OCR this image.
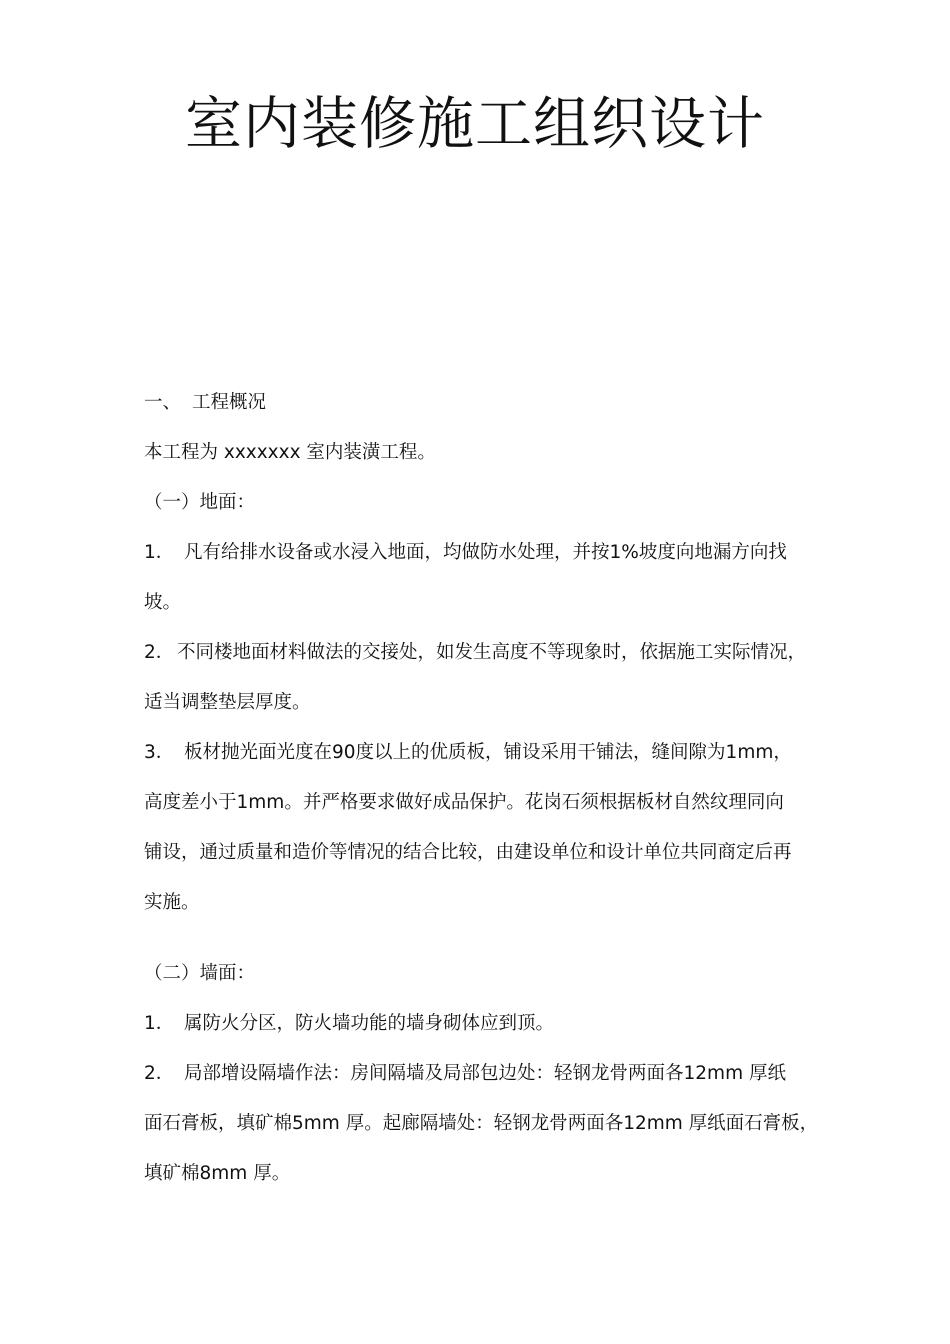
室内装修施工组织设计
一、 工程概况
本工程为 xxxxxxx 室内装潢工程。
（一）地面：
1． 凡有给排水设备或水浸入地面，均做防水处理，并按1%坡度向地漏方向找
坡。
2． 不同楼地面材料做法的交接处，如发生高度不等现象时，依据施工实际情况，
适当调整垫层厚度。
3． 板材抛光面光度在90度以上的优质板，铺设采用干铺法，缝间隙为1mm，
高度差小于1mm。并严格要求做好成品保护。花岗石须根据板材自然纹理同向
铺设，通过质量和造价等情况的结合比较，由建设单位和设计单位共同商定后再
实施。
（二）墙面：
1． 属防火分区，防火墙功能的墙身砌体应到顶。
2． 局部增设隔墙作法：房间隔墙及局部包边处：轻钢龙骨两面各12mm 厚纸
面石膏板，填矿棉5mm 厚。起廊隔墙处：轻钢龙骨两面各12mm 厚纸面石膏板，
填矿棉8mm 厚。
